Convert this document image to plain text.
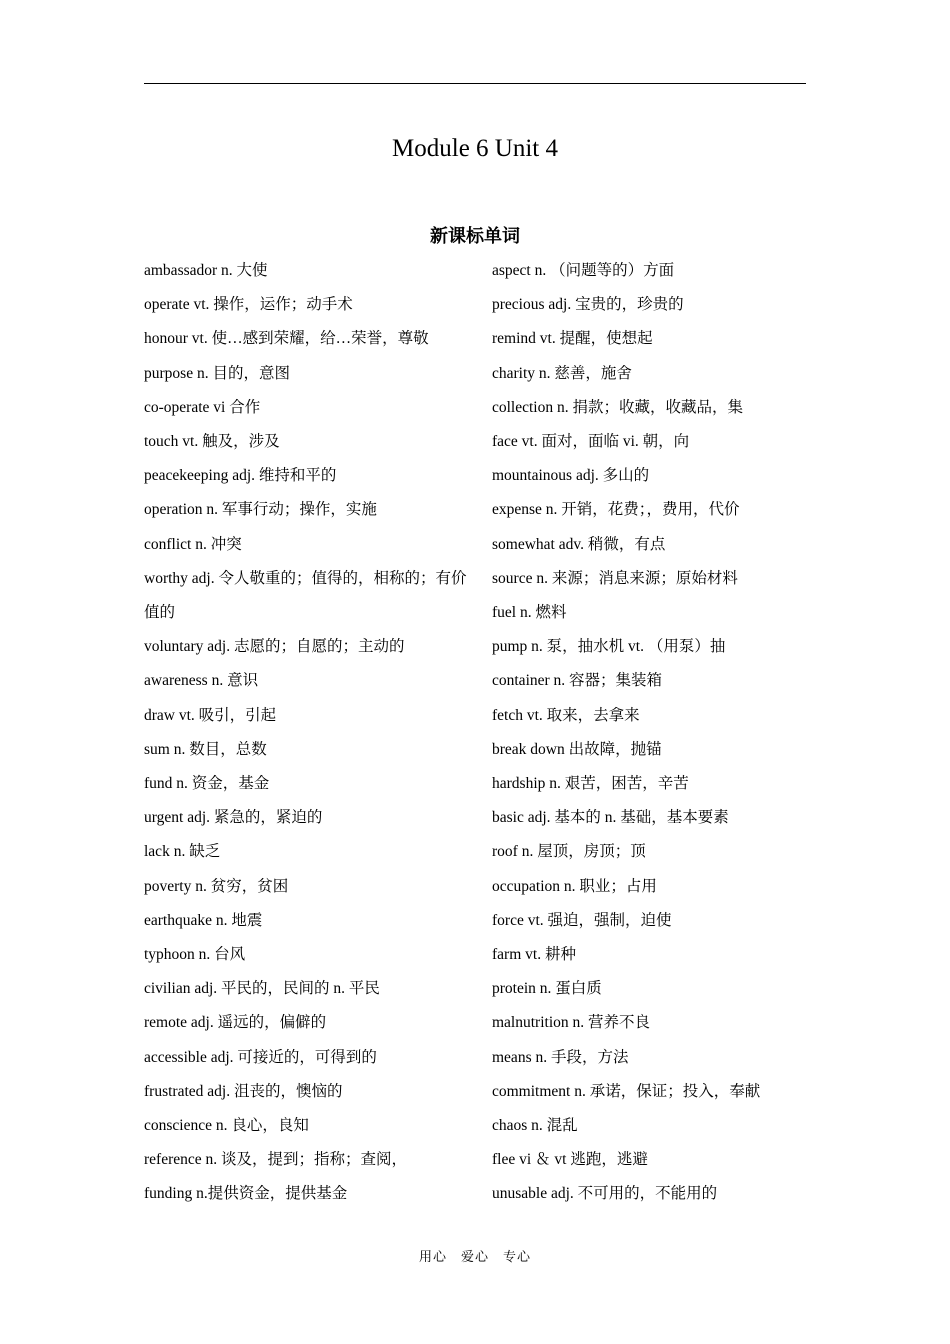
Module 6 Unit 4
新课标单词
ambassador n. 大使
operate vt. 操作，运作；动手术
honour vt. 使…感到荣耀，给…荣誉，尊敬
purpose n. 目的，意图
co-operate vi 合作
touch vt. 触及，涉及
peacekeeping adj. 维持和平的
operation n. 军事行动；操作，实施
conflict n. 冲突
worthy adj. 令人敬重的；值得的，相称的；有价值的
voluntary adj. 志愿的；自愿的；主动的
awareness n. 意识
draw vt. 吸引，引起
sum n. 数目，总数
fund n. 资金，基金
urgent adj. 紧急的，紧迫的
lack n. 缺乏
poverty n. 贫穷，贫困
earthquake n. 地震
typhoon n. 台风
civilian adj. 平民的，民间的 n. 平民
remote adj. 遥远的，偏僻的
accessible adj. 可接近的，可得到的
frustrated adj. 沮丧的，懊恼的
conscience n. 良心，良知
reference n. 谈及，提到；指称；查阅，
funding n.提供资金，提供基金
aspect n. （问题等的）方面
precious adj. 宝贵的，珍贵的
remind vt. 提醒，使想起
charity n. 慈善，施舍
collection n. 捐款；收藏，收藏品，集
face vt. 面对，面临 vi. 朝，向
mountainous adj. 多山的
expense n. 开销，花费；，费用，代价
somewhat adv. 稍微，有点
source n. 来源；消息来源；原始材料
fuel n. 燃料
pump n. 泵，抽水机 vt. （用泵）抽
container n. 容器；集装箱
fetch vt. 取来，去拿来
break down 出故障，抛锚
hardship n. 艰苦，困苦，辛苦
basic adj. 基本的 n. 基础，基本要素
roof n. 屋顶，房顶；顶
occupation n. 职业；占用
force vt. 强迫，强制，迫使
farm vt. 耕种
protein n. 蛋白质
malnutrition n. 营养不良
means n. 手段，方法
commitment n. 承诺，保证；投入，奉献
chaos n. 混乱
flee vi ＆ vt 逃跑，逃避
unusable adj. 不可用的，不能用的
用心　爱心　专心
